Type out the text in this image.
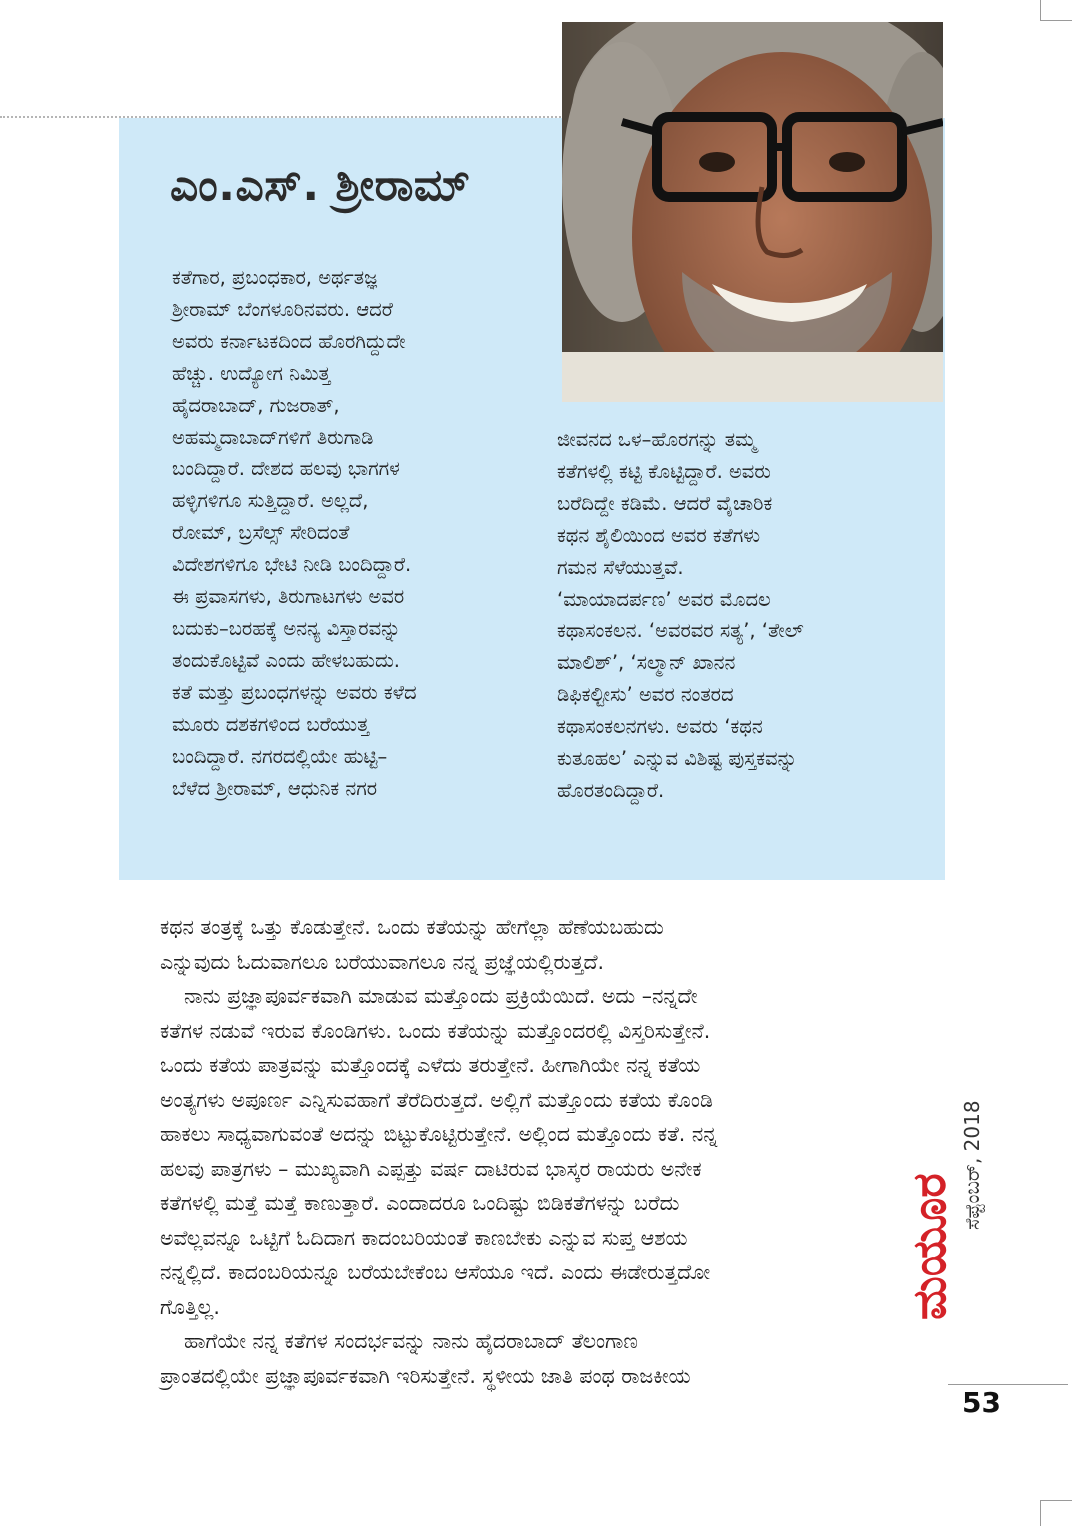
ಎಂ.ಎಸ್. ಶ್ರೀರಾಮ್
ಕತೆಗಾರ, ಪ್ರಬಂಧಕಾರ, ಅರ್ಥತಜ್ಞ
ಶ್ರೀರಾಮ್ ಬೆಂಗಳೂರಿನವರು. ಆದರೆ
ಅವರು ಕರ್ನಾಟಕದಿಂದ ಹೊರಗಿದ್ದುದೇ
ಹೆಚ್ಚು. ಉದ್ಯೋಗ ನಿಮಿತ್ತ
ಹೈದರಾಬಾದ್, ಗುಜರಾತ್,
ಅಹಮ್ಮದಾಬಾದ್‌ಗಳಿಗೆ ತಿರುಗಾಡಿ
ಬಂದಿದ್ದಾರೆ. ದೇಶದ ಹಲವು ಭಾಗಗಳ
ಹಳ್ಳಿಗಳಿಗೂ ಸುತ್ತಿದ್ದಾರೆ. ಅಲ್ಲದೆ,
ರೋಮ್, ಬ್ರಸೆಲ್ಸ್ ಸೇರಿದಂತೆ
ವಿದೇಶಗಳಿಗೂ ಭೇಟಿ ನೀಡಿ ಬಂದಿದ್ದಾರೆ.
ಈ ಪ್ರವಾಸಗಳು, ತಿರುಗಾಟಗಳು ಅವರ
ಬದುಕು–ಬರಹಕ್ಕೆ ಅನನ್ಯ ವಿಸ್ತಾರವನ್ನು
ತಂದುಕೊಟ್ಟಿವೆ ಎಂದು ಹೇಳಬಹುದು.
ಕತೆ ಮತ್ತು ಪ್ರಬಂಧಗಳನ್ನು ಅವರು ಕಳೆದ
ಮೂರು ದಶಕಗಳಿಂದ ಬರೆಯುತ್ತ
ಬಂದಿದ್ದಾರೆ. ನಗರದಲ್ಲಿಯೇ ಹುಟ್ಟಿ–
ಬೆಳೆದ ಶ್ರೀರಾಮ್, ಆಧುನಿಕ ನಗರ
ಜೀವನದ ಒಳ–ಹೊರಗನ್ನು ತಮ್ಮ
ಕತೆಗಳಲ್ಲಿ ಕಟ್ಟಿ ಕೊಟ್ಟಿದ್ದಾರೆ. ಅವರು
ಬರೆದಿದ್ದೇ ಕಡಿಮೆ. ಆದರೆ ವೈಚಾರಿಕ
ಕಥನ ಶೈಲಿಯಿಂದ ಅವರ ಕತೆಗಳು
ಗಮನ ಸೆಳೆಯುತ್ತವೆ.
‘ಮಾಯಾದರ್ಪಣ’ ಅವರ ಮೊದಲ
ಕಥಾಸಂಕಲನ. ‘ಅವರವರ ಸತ್ಯ’, ‘ತೇಲ್
ಮಾಲಿಶ್’, ‘ಸಲ್ಮಾನ್ ಖಾನನ
ಡಿಫಿಕಲ್ಟೀಸು’ ಅವರ ನಂತರದ
ಕಥಾಸಂಕಲನಗಳು. ಅವರು ‘ಕಥನ
ಕುತೂಹಲ’ ಎನ್ನುವ ವಿಶಿಷ್ಟ ಪುಸ್ತಕವನ್ನು
ಹೊರತಂದಿದ್ದಾರೆ.
ಕಥನ ತಂತ್ರಕ್ಕೆ ಒತ್ತು ಕೊಡುತ್ತೇನೆ. ಒಂದು ಕತೆಯನ್ನು ಹೇಗೆಲ್ಲಾ ಹೆಣೆಯಬಹುದು
ಎನ್ನುವುದು ಓದುವಾಗಲೂ ಬರೆಯುವಾಗಲೂ ನನ್ನ ಪ್ರಜ್ಞೆಯಲ್ಲಿರುತ್ತದೆ.
ನಾನು ಪ್ರಜ್ಞಾಪೂರ್ವಕವಾಗಿ ಮಾಡುವ ಮತ್ತೊಂದು ಪ್ರಕ್ರಿಯೆಯಿದೆ. ಅದು –ನನ್ನದೇ
ಕತೆಗಳ ನಡುವೆ ಇರುವ ಕೊಂಡಿಗಳು. ಒಂದು ಕತೆಯನ್ನು ಮತ್ತೊಂದರಲ್ಲಿ ವಿಸ್ತರಿಸುತ್ತೇನೆ.
ಒಂದು ಕತೆಯ ಪಾತ್ರವನ್ನು ಮತ್ತೊಂದಕ್ಕೆ ಎಳೆದು ತರುತ್ತೇನೆ. ಹೀಗಾಗಿಯೇ ನನ್ನ ಕತೆಯ
ಅಂತ್ಯಗಳು ಅಪೂರ್ಣ ಎನ್ನಿಸುವಹಾಗೆ ತೆರೆದಿರುತ್ತದೆ. ಅಲ್ಲಿಗೆ ಮತ್ತೊಂದು ಕತೆಯ ಕೊಂಡಿ
ಹಾಕಲು ಸಾಧ್ಯವಾಗುವಂತೆ ಅದನ್ನು ಬಿಟ್ಟುಕೊಟ್ಟಿರುತ್ತೇನೆ. ಅಲ್ಲಿಂದ ಮತ್ತೊಂದು ಕತೆ. ನನ್ನ
ಹಲವು ಪಾತ್ರಗಳು – ಮುಖ್ಯವಾಗಿ ಎಪ್ಪತ್ತು ವರ್ಷ ದಾಟಿರುವ ಭಾಸ್ಕರ ರಾಯರು ಅನೇಕ
ಕತೆಗಳಲ್ಲಿ ಮತ್ತೆ ಮತ್ತೆ ಕಾಣುತ್ತಾರೆ. ಎಂದಾದರೂ ಒಂದಿಷ್ಟು ಬಿಡಿಕತೆಗಳನ್ನು ಬರೆದು
ಅವೆಲ್ಲವನ್ನೂ ಒಟ್ಟಿಗೆ ಓದಿದಾಗ ಕಾದಂಬರಿಯಂತೆ ಕಾಣಬೇಕು ಎನ್ನುವ ಸುಪ್ತ ಆಶಯ
ನನ್ನಲ್ಲಿದೆ. ಕಾದಂಬರಿಯನ್ನೂ ಬರೆಯಬೇಕೆಂಬ ಆಸೆಯೂ ಇದೆ. ಎಂದು ಈಡೇರುತ್ತದೋ
ಗೊತ್ತಿಲ್ಲ.
ಹಾಗೆಯೇ ನನ್ನ ಕತೆಗಳ ಸಂದರ್ಭವನ್ನು ನಾನು ಹೈದರಾಬಾದ್ ತೆಲಂಗಾಣ
ಪ್ರಾಂತದಲ್ಲಿಯೇ ಪ್ರಜ್ಞಾಪೂರ್ವಕವಾಗಿ ಇರಿಸುತ್ತೇನೆ. ಸ್ಥಳೀಯ ಜಾತಿ ಪಂಥ ರಾಜಕೀಯ
ಮಯೂರ
ಸೆಪ್ಟೆಂಬರ್, 2018
53
